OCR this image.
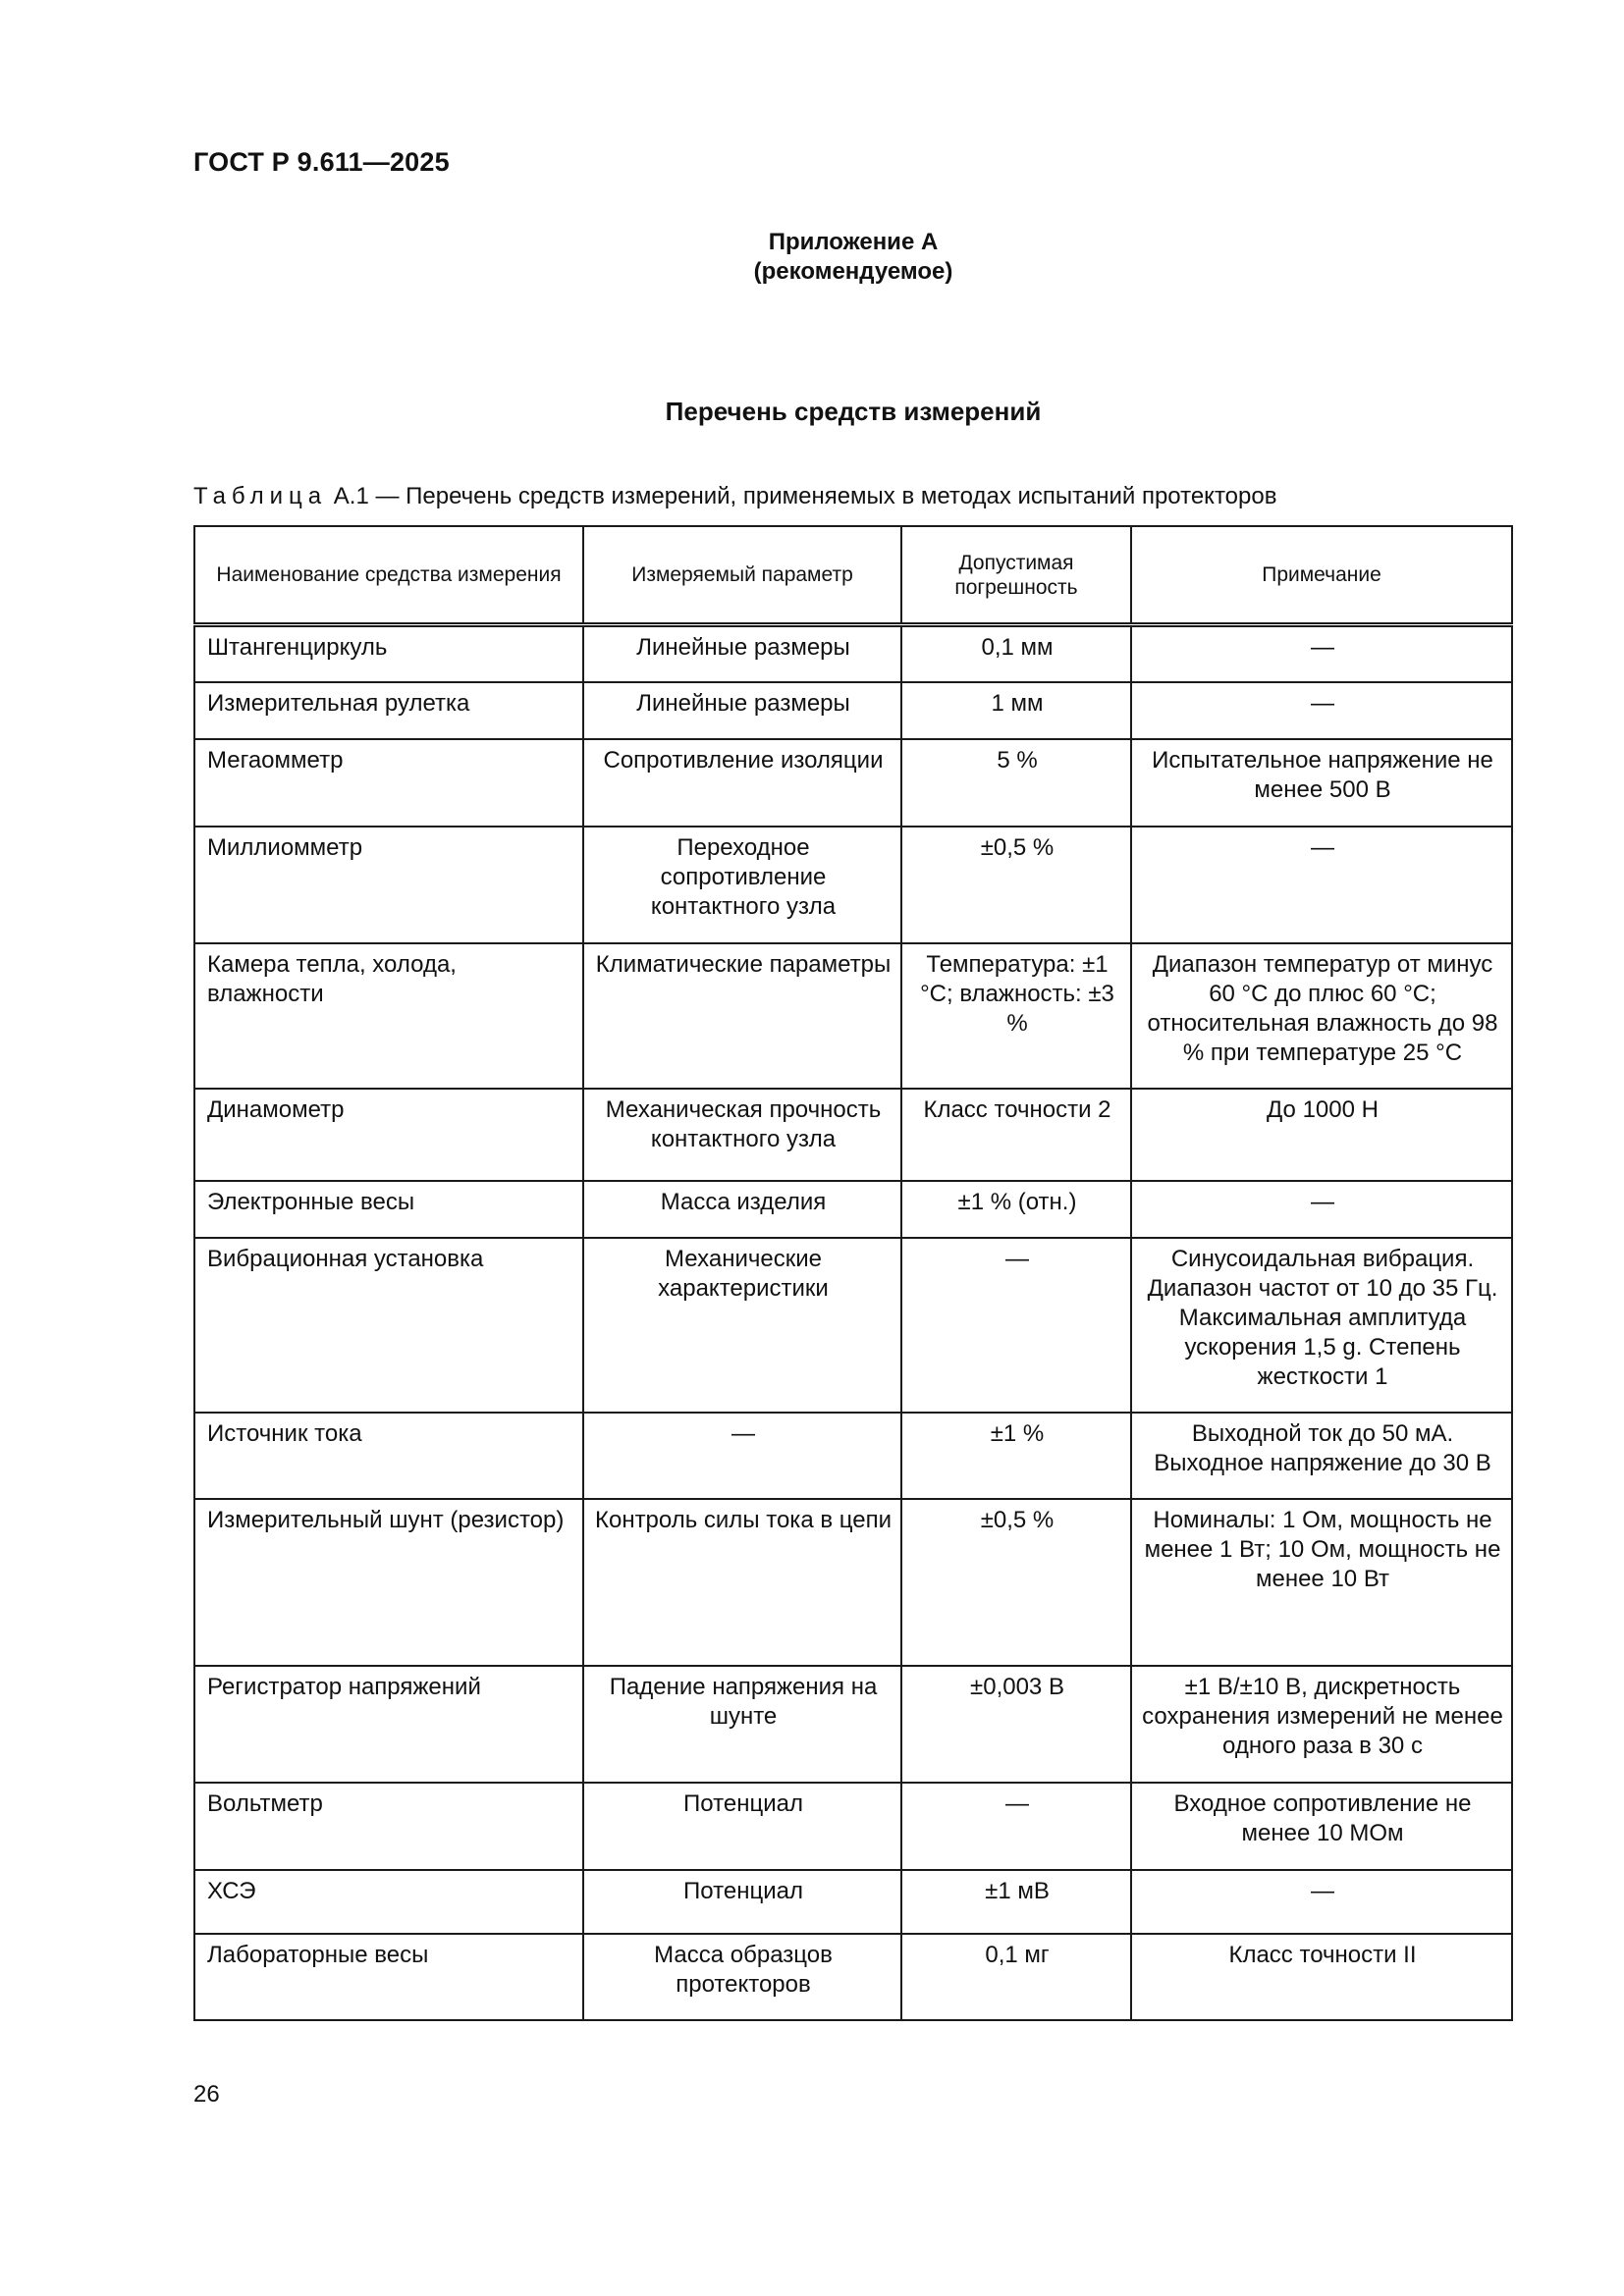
ГОСТ Р 9.611—2025
Приложение А
(рекомендуемое)
Перечень средств измерений
Таблица А.1 — Перечень средств измерений, применяемых в методах испытаний протекторов
Наименование средства измерения	Измеряемый параметр	Допустимая погрешность	Примечание
Штангенциркуль	Линейные размеры	0,1 мм	—
Измерительная рулетка	Линейные размеры	1 мм	—
Мегаомметр	Сопротивление изоляции	5 %	Испытательное напряжение не менее 500 В
Миллиомметр	Переходное сопротивление контактного узла	±0,5 %	—
Камера тепла, холода, влажности	Климатические параметры	Температура: ±1 °С; влажность: ±3 %	Диапазон температур от минус 60 °С до плюс 60 °С; относительная влажность до 98 % при температуре 25 °С
Динамометр	Механическая прочность контактного узла	Класс точности 2	До 1000 Н
Электронные весы	Масса изделия	±1 % (отн.)	—
Вибрационная установка	Механические характеристики	—	Синусоидальная вибрация. Диапазон частот от 10 до 35 Гц. Максимальная амплитуда ускорения 1,5 g. Степень жесткости 1
Источник тока	—	±1 %	Выходной ток до 50 мА. Выходное напряжение до 30 В
Измерительный шунт (резистор)	Контроль силы тока в цепи	±0,5 %	Номиналы: 1 Ом, мощность не менее 1 Вт; 10 Ом, мощность не менее 10 Вт
Регистратор напряжений	Падение напряжения на шунте	±0,003 В	±1 В/±10 В, дискретность сохранения измерений не менее одного раза в 30 с
Вольтметр	Потенциал	—	Входное сопротивление не менее 10 МОм
ХСЭ	Потенциал	±1 мВ	—
Лабораторные весы	Масса образцов протекторов	0,1 мг	Класс точности II
26
